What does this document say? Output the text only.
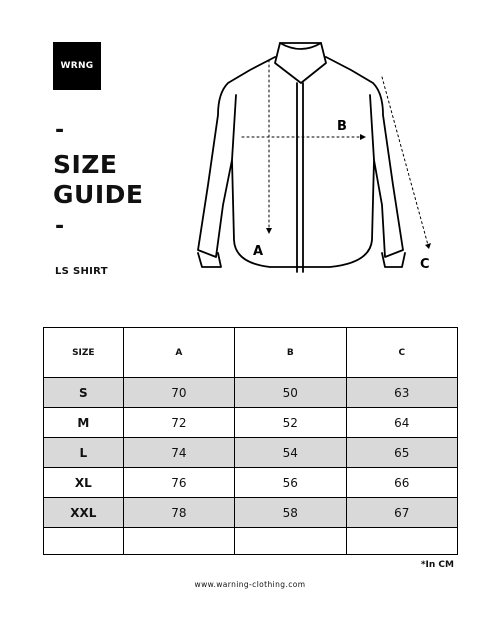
WRNG
-
SIZE
GUIDE
-
LS SHIRT
A
B
C
SIZE	A	B	C
S	70	50	63
M	72	52	64
L	74	54	65
XL	76	56	66
XXL	78	58	67

*In CM
www.warning-clothing.com
